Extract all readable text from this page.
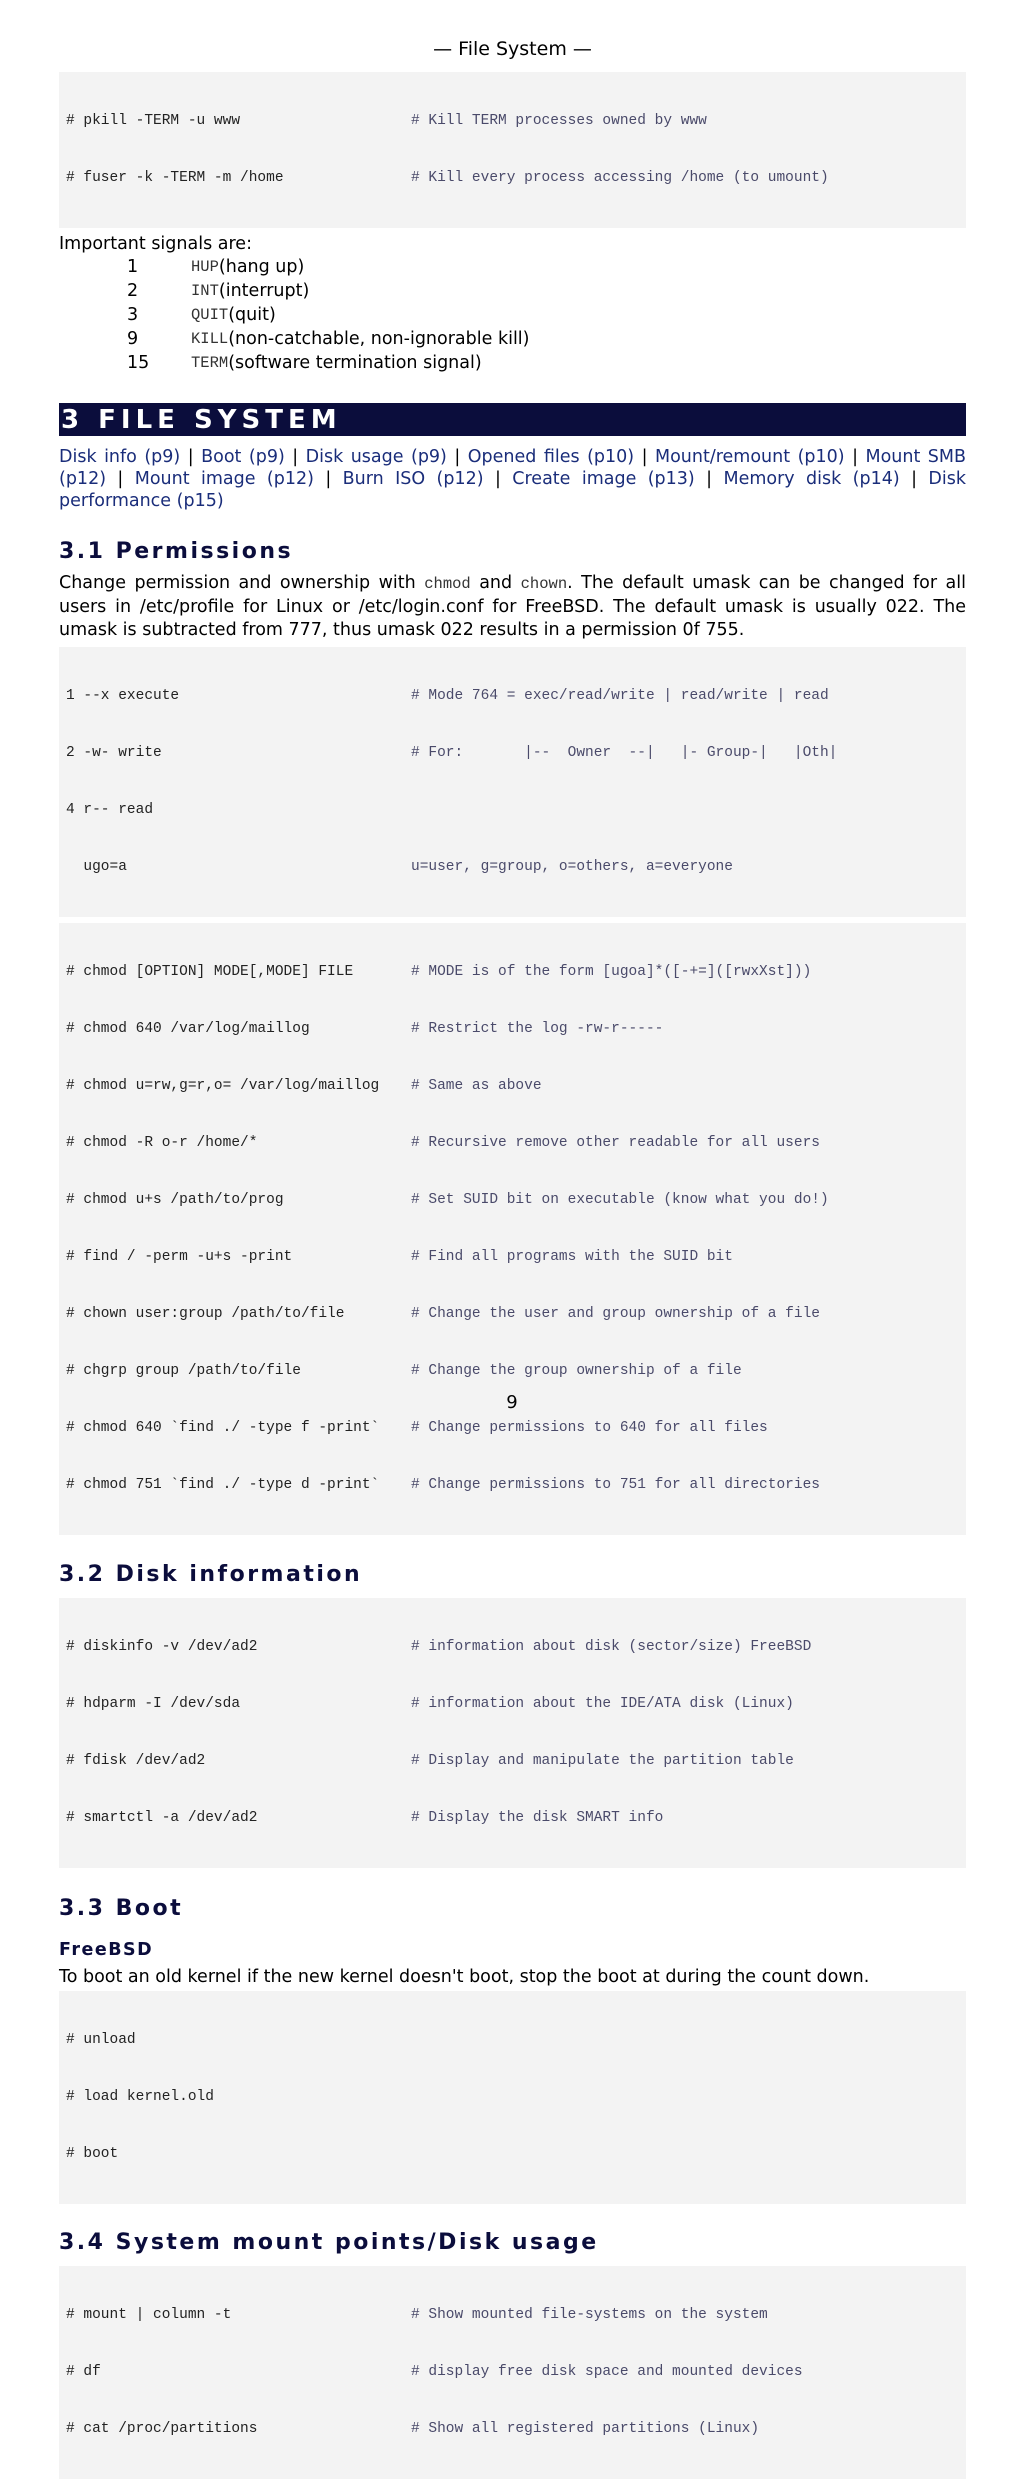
— File System —

# pkill -TERM -u www	# Kill TERM processes owned by www

# fuser -k -TERM -m /home	# Kill every process accessing /home (to umount)

Important signals are:
1	HUP (hang up)
2	INT (interrupt)
3	QUIT (quit)
9	KILL (non-catchable, non-ignorable kill)
15	TERM (software termination signal)
3 FILE SYSTEM
Disk info (p9) | Boot (p9) | Disk usage (p9) | Opened files (p10) | Mount/remount (p10) | Mount SMB (p12) | Mount image (p12) | Burn ISO (p12) | Create image (p13) | Memory disk (p14) | Disk performance (p15)
3.1 Permissions
Change permission and ownership with chmod and chown. The default umask can be changed for all users in /etc/profile for Linux or /etc/login.conf for FreeBSD. The default umask is usually 022. The umask is subtracted from 777, thus umask 022 results in a permission 0f 755.

1 --x execute	# Mode 764 = exec/read/write | read/write | read

2 -w- write	# For:       |--  Owner  --|   |- Group-|   |Oth|

4 r-- read

ugo=a	u=user, g=group, o=others, a=everyone

# chmod [OPTION] MODE[,MODE] FILE	# MODE is of the form [ugoa]*([-+=]([rwxXst]))

# chmod 640 /var/log/maillog	# Restrict the log -rw-r-----

# chmod u=rw,g=r,o= /var/log/maillog	# Same as above

# chmod -R o-r /home/*	# Recursive remove other readable for all users

# chmod u+s /path/to/prog	# Set SUID bit on executable (know what you do!)

# find / -perm -u+s -print	# Find all programs with the SUID bit

# chown user:group /path/to/file	# Change the user and group ownership of a file

# chgrp group /path/to/file	# Change the group ownership of a file

# chmod 640 `find ./ -type f -print`	# Change permissions to 640 for all files

# chmod 751 `find ./ -type d -print`	# Change permissions to 751 for all directories

3.2 Disk information

# diskinfo -v /dev/ad2	# information about disk (sector/size) FreeBSD

# hdparm -I /dev/sda	# information about the IDE/ATA disk (Linux)

# fdisk /dev/ad2	# Display and manipulate the partition table

# smartctl -a /dev/ad2	# Display the disk SMART info

3.3 Boot
FreeBSD
To boot an old kernel if the new kernel doesn't boot, stop the boot at during the count down.

# unload

# load kernel.old

# boot

3.4 System mount points/Disk usage

# mount | column -t	# Show mounted file-systems on the system

# df	# display free disk space and mounted devices

# cat /proc/partitions	# Show all registered partitions (Linux)

9
